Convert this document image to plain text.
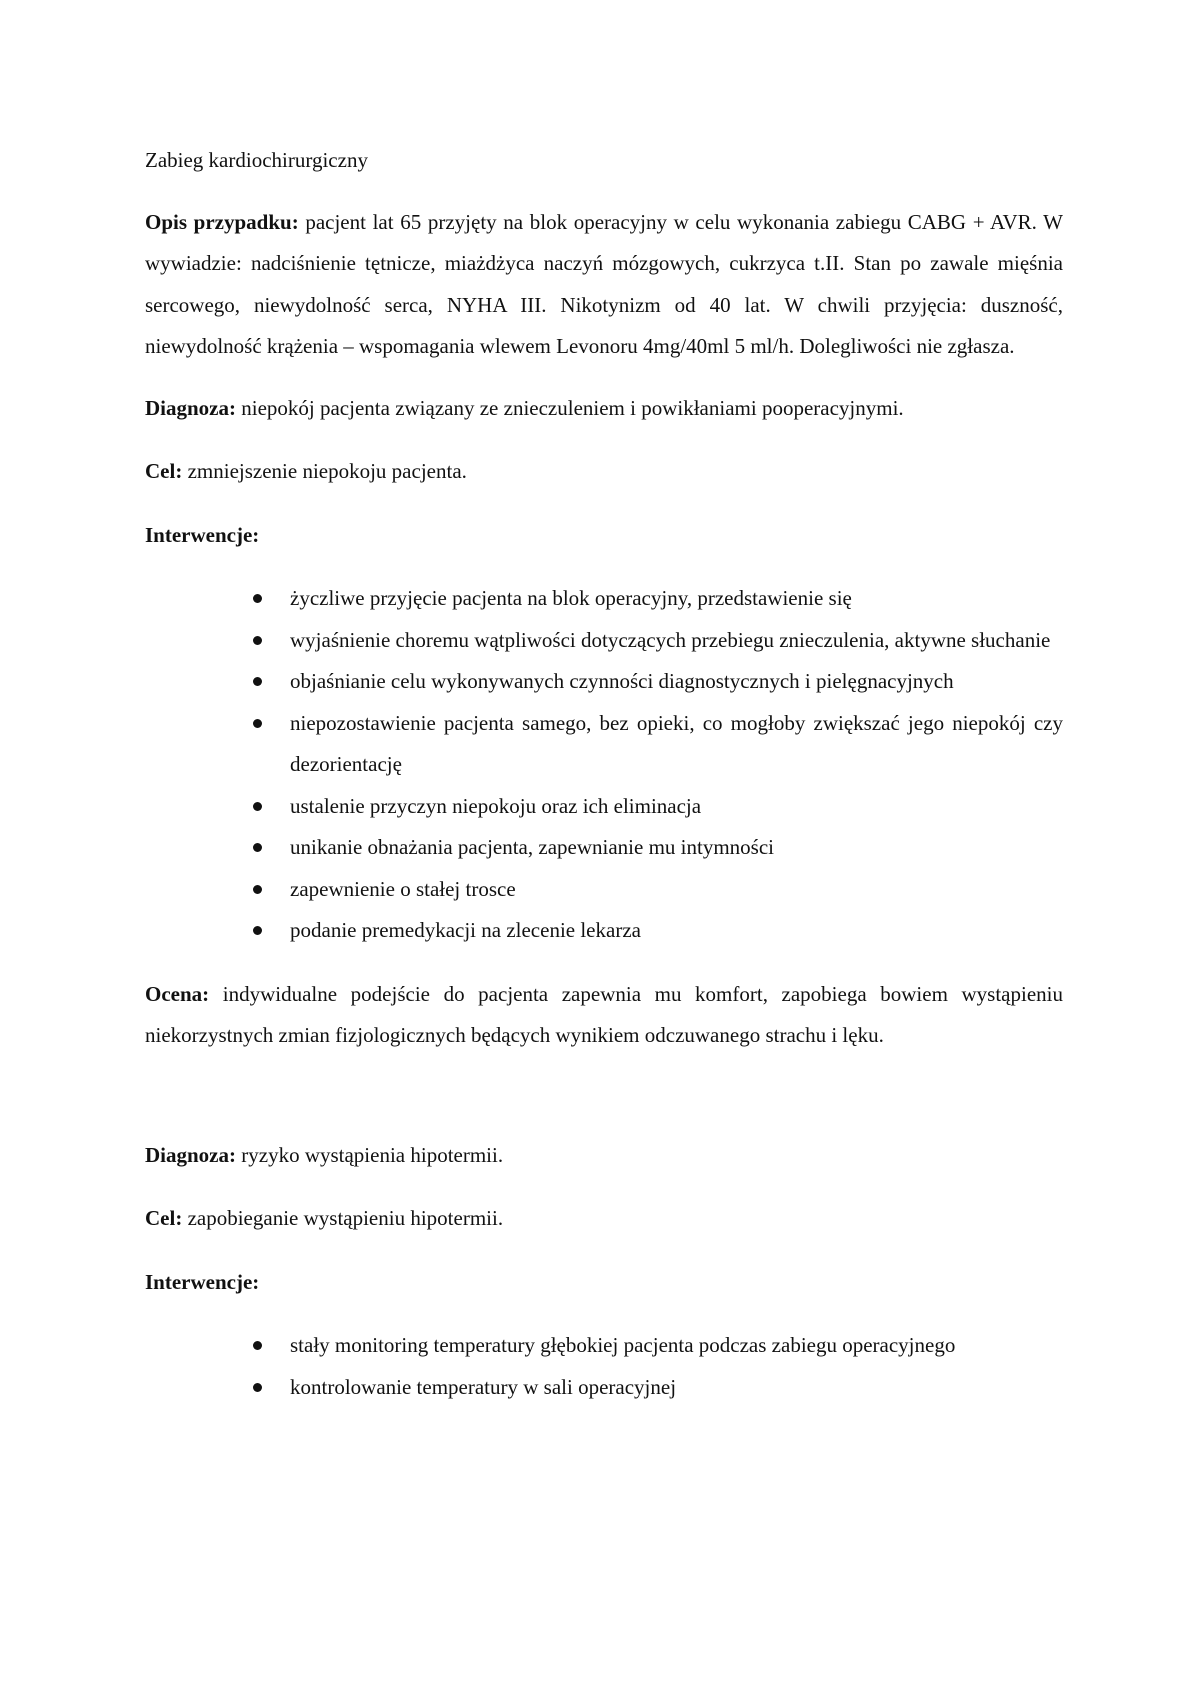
Zabieg kardiochirurgiczny

Opis przypadku: pacjent lat 65 przyjęty na blok operacyjny w celu wykonania zabiegu CABG + AVR. W wywiadzie: nadciśnienie tętnicze, miażdżyca naczyń mózgowych, cukrzyca t.II. Stan po zawale mięśnia sercowego, niewydolność serca, NYHA III. Nikotynizm od 40 lat. W chwili przyjęcia: duszność, niewydolność krążenia – wspomagania wlewem Levonoru 4mg/40ml 5 ml/h. Dolegliwości nie zgłasza.

Diagnoza: niepokój pacjenta związany ze znieczuleniem i powikłaniami pooperacyjnymi.

Cel: zmniejszenie niepokoju pacjenta.

Interwencje:

życzliwe przyjęcie pacjenta na blok operacyjny, przedstawienie się
wyjaśnienie choremu wątpliwości dotyczących przebiegu znieczulenia, aktywne słuchanie
objaśnianie celu wykonywanych czynności diagnostycznych i pielęgnacyjnych
niepozostawienie pacjenta samego, bez opieki, co mogłoby zwiększać jego niepokój czy dezorientację
ustalenie przyczyn niepokoju oraz ich eliminacja
unikanie obnażania pacjenta, zapewnianie mu intymności
zapewnienie o stałej trosce
podanie premedykacji na zlecenie lekarza

Ocena: indywidualne podejście do pacjenta zapewnia mu komfort, zapobiega bowiem wystąpieniu niekorzystnych zmian fizjologicznych będących wynikiem odczuwanego strachu i lęku.

Diagnoza: ryzyko wystąpienia hipotermii.

Cel: zapobieganie wystąpieniu hipotermii.

Interwencje:

stały monitoring temperatury głębokiej pacjenta podczas zabiegu operacyjnego
kontrolowanie temperatury w sali operacyjnej
